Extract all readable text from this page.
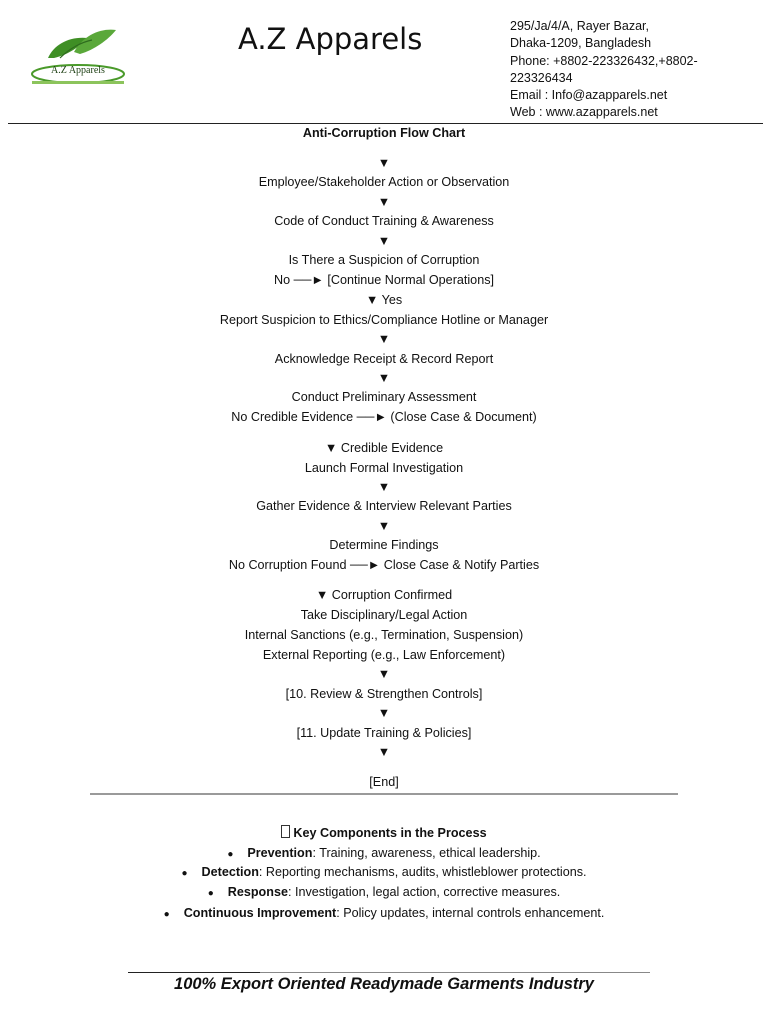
A.Z Apparels
A.Z Apparels	295/Ja/4/A, Rayer Bazar,
Dhaka-1209, Bangladesh
Phone: +8802-223326432,+8802-
223326434
Email : Info@azapparels.net
Web : www.azapparels.net
Anti-Corruption Flow Chart
▼
Employee/Stakeholder Action or Observation
▼
Code of Conduct Training & Awareness
▼
Is There a Suspicion of Corruption
No ──► [Continue Normal Operations]
▼ Yes
Report Suspicion to Ethics/Compliance Hotline or Manager
▼
Acknowledge Receipt & Record Report
▼
Conduct Preliminary Assessment
No Credible Evidence ──► (Close Case & Document)
▼ Credible Evidence
Launch Formal Investigation
▼
Gather Evidence & Interview Relevant Parties
▼
Determine Findings
No Corruption Found ──► Close Case & Notify Parties
▼ Corruption Confirmed
Take Disciplinary/Legal Action
Internal Sanctions (e.g., Termination, Suspension)
External Reporting (e.g., Law Enforcement)
▼
[10. Review & Strengthen Controls]
▼
[11. Update Training & Policies]
▼
[End]
Key Components in the Process
● Prevention: Training, awareness, ethical leadership.
● Detection: Reporting mechanisms, audits, whistleblower protections.
● Response: Investigation, legal action, corrective measures.
● Continuous Improvement: Policy updates, internal controls enhancement.
100% Export Oriented Readymade Garments Industry
